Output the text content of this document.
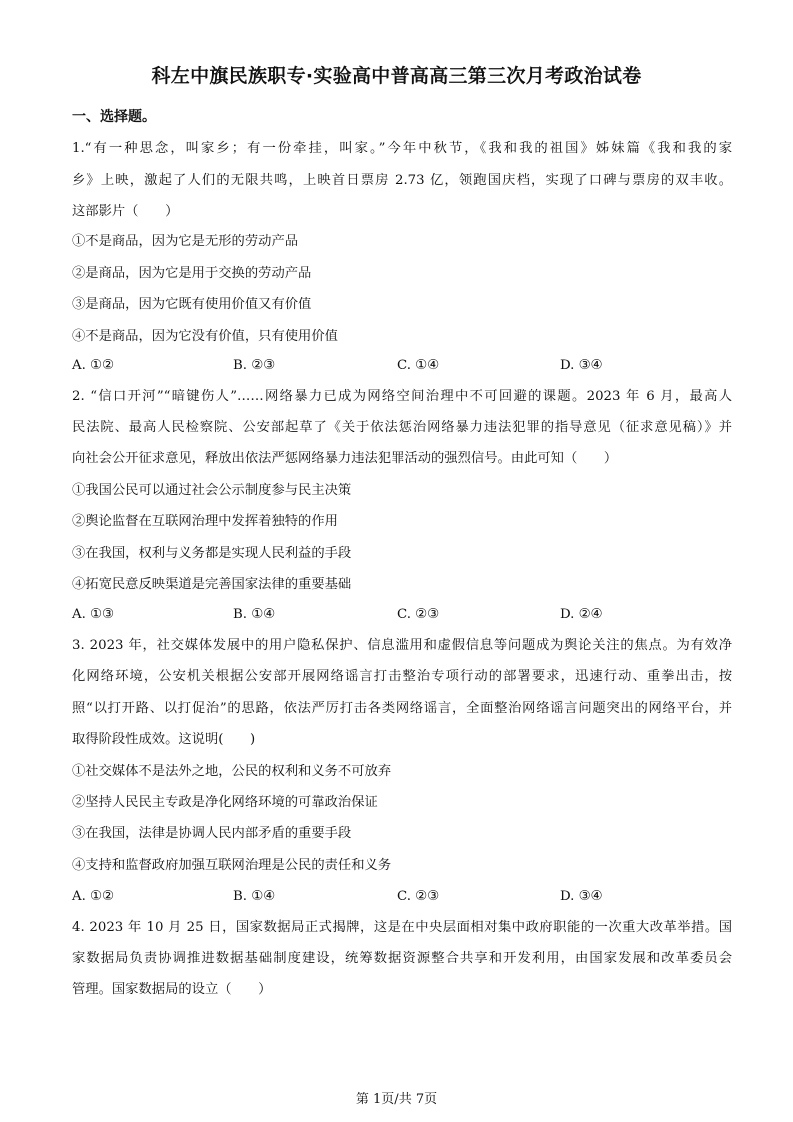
科左中旗民族职专·实验高中普高高三第三次月考政治试卷
一、选择题。
1.“有一种思念，叫家乡；有一份牵挂，叫家。”今年中秋节，《我和我的祖国》姊妹篇《我和我的家
乡》上映，激起了人们的无限共鸣，上映首日票房 2.73 亿，领跑国庆档，实现了口碑与票房的双丰收。
这部影片（　　）
①不是商品，因为它是无形的劳动产品
②是商品，因为它是用于交换的劳动产品
③是商品，因为它既有使用价值又有价值
④不是商品，因为它没有价值，只有使用价值
A. ①②	B. ②③	C. ①④	D. ③④
2. “信口开河”“暗键伤人”……网络暴力已成为网络空间治理中不可回避的课题。2023 年 6 月，最高人
民法院、最高人民检察院、公安部起草了《关于依法惩治网络暴力违法犯罪的指导意见（征求意见稿）》并
向社会公开征求意见，释放出依法严惩网络暴力违法犯罪活动的强烈信号。由此可知（　　）
①我国公民可以通过社会公示制度参与民主决策
②舆论监督在互联网治理中发挥着独特的作用
③在我国，权利与义务都是实现人民利益的手段
④拓宽民意反映渠道是完善国家法律的重要基础
A. ①③	B. ①④	C. ②③	D. ②④
3. 2023 年，社交媒体发展中的用户隐私保护、信息滥用和虚假信息等问题成为舆论关注的焦点。为有效净
化网络环境，公安机关根据公安部开展网络谣言打击整治专项行动的部署要求，迅速行动、重拳出击，按
照“以打开路、以打促治”的思路，依法严厉打击各类网络谣言，全面整治网络谣言问题突出的网络平台，并
取得阶段性成效。这说明(　　)
①社交媒体不是法外之地，公民的权利和义务不可放弃
②坚持人民民主专政是净化网络环境的可靠政治保证
③在我国，法律是协调人民内部矛盾的重要手段
④支持和监督政府加强互联网治理是公民的责任和义务
A. ①②	B. ①④	C. ②③	D. ③④
4. 2023 年 10 月 25 日，国家数据局正式揭牌，这是在中央层面相对集中政府职能的一次重大改革举措。国
家数据局负责协调推进数据基础制度建设，统筹数据资源整合共享和开发利用，由国家发展和改革委员会
管理。国家数据局的设立（　　）
第 1页/共 7页
